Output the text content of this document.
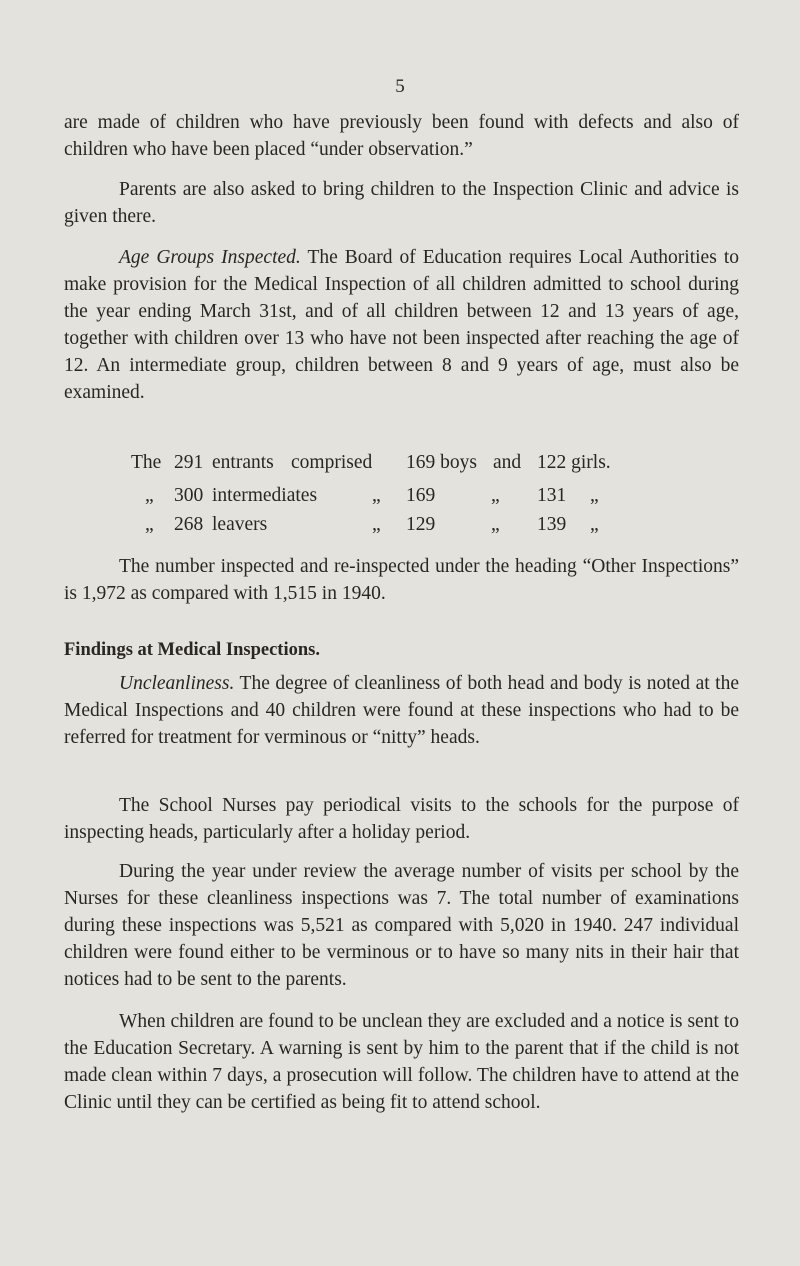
5

are made of children who have previously been found with defects and also of children who have been placed “under observation.”

Parents are also asked to bring children to the Inspection Clinic and advice is given there.

Age Groups Inspected. The Board of Education requires Local Authorities to make provision for the Medical Inspection of all children admitted to school during the year ending March 31st, and of all children between 12 and 13 years of age, together with children over 13 who have not been inspected after reaching the age of 12. An intermediate group, children between 8 and 9 years of age, must also be examined.

The 291 entrants comprised 169 boys and 122 girls.
„ 300 intermediates	„ 169	„ 131 „
„ 268 leavers	„ 129	„ 139 „

The number inspected and re-inspected under the heading “Other Inspections” is 1,972 as compared with 1,515 in 1940.

Findings at Medical Inspections.

Uncleanliness. The degree of cleanliness of both head and body is noted at the Medical Inspections and 40 children were found at these inspections who had to be referred for treatment for verminous or “nitty” heads.

The School Nurses pay periodical visits to the schools for the purpose of inspecting heads, particularly after a holiday period.

During the year under review the average number of visits per school by the Nurses for these cleanliness inspections was 7. The total number of examinations during these inspections was 5,521 as compared with 5,020 in 1940. 247 individual children were found either to be verminous or to have so many nits in their hair that notices had to be sent to the parents.

When children are found to be unclean they are excluded and a notice is sent to the Education Secretary. A warning is sent by him to the parent that if the child is not made clean within 7 days, a prosecution will follow. The children have to attend at the Clinic until they can be certified as being fit to attend school.
